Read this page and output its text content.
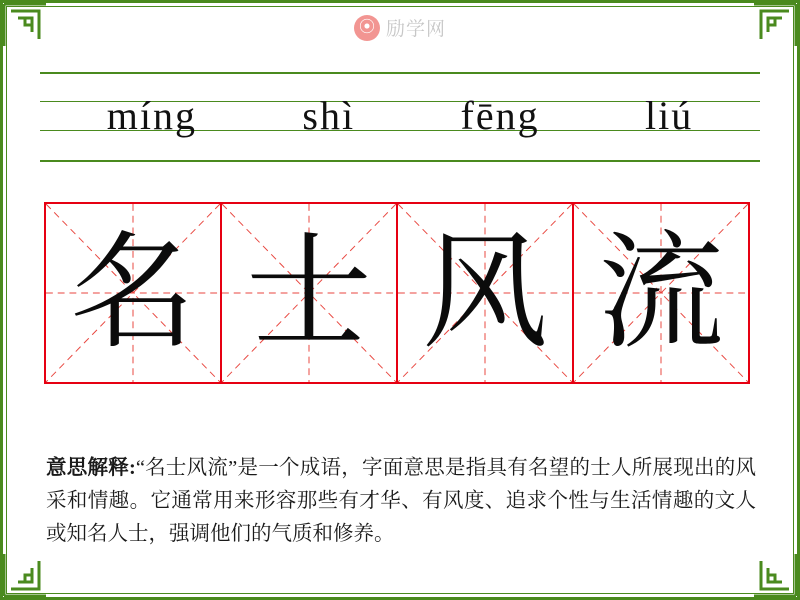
⦿ 励学网
míng	shì	fēng	liú
名 士 风 流
意思解释:“名士风流”是一个成语，字面意思是指具有名望的士人所展现出的风采和情趣。它通常用来形容那些有才华、有风度、追求个性与生活情趣的文人或知名人士，强调他们的气质和修养。
